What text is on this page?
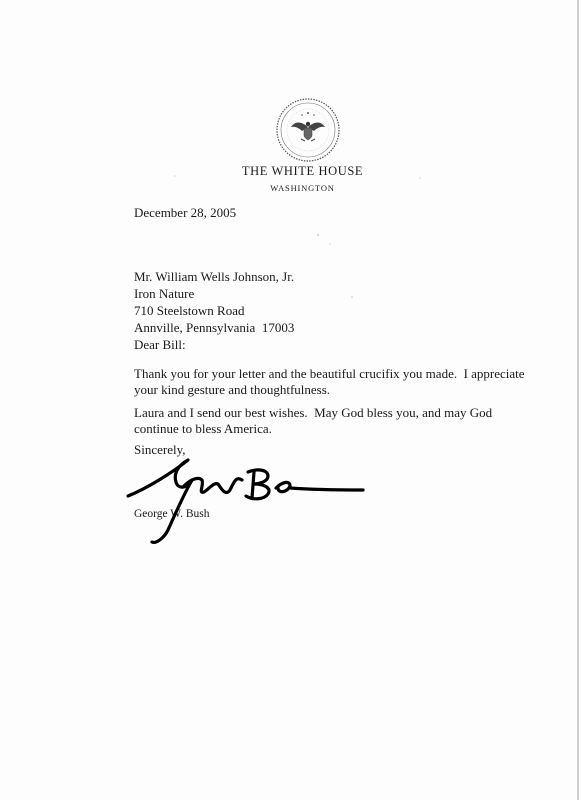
THE WHITE HOUSE
WASHINGTON
December 28, 2005
Mr. William Wells Johnson, Jr.
Iron Nature
710 Steelstown Road
Annville, Pennsylvania  17003
Dear Bill:
Thank you for your letter and the beautiful crucifix you made.  I appreciate
your kind gesture and thoughtfulness.
Laura and I send our best wishes.  May God bless you, and may God
continue to bless America.
Sincerely,
George W. Bush
